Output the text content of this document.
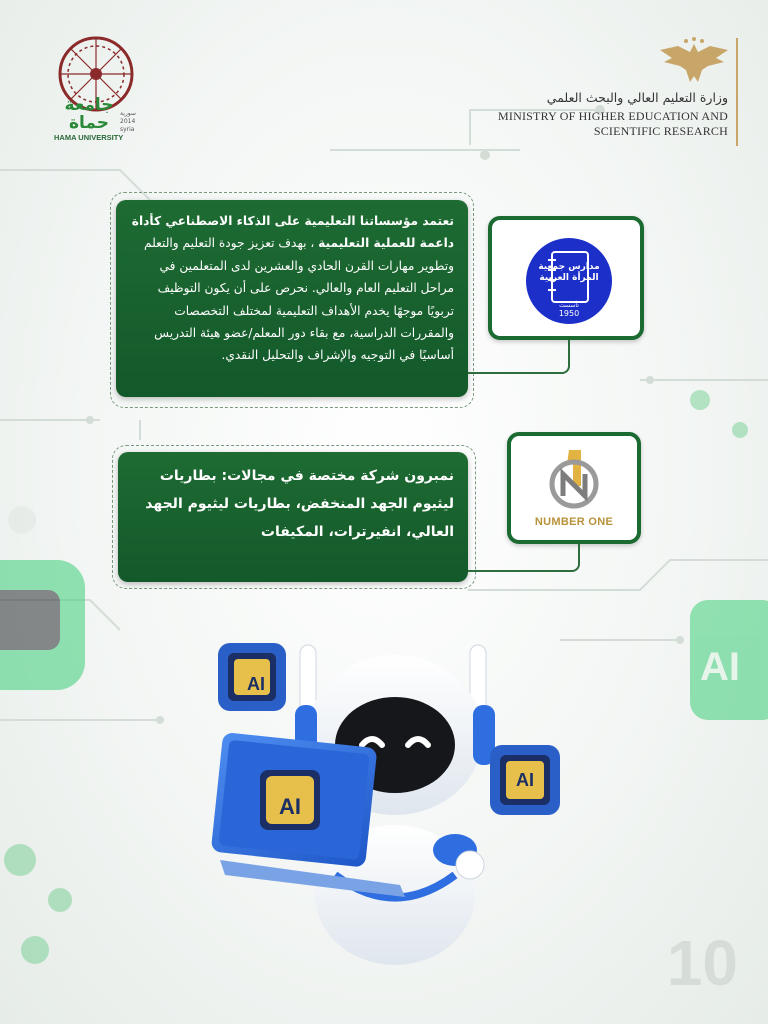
AI
جامعة حماة	سورية
2014
syria
HAMA UNIVERSITY
وزارة التعليم العالي والبحث العلمي
MINISTRY OF HIGHER EDUCATION AND
SCIENTIFIC RESEARCH
تعتمد مؤسساتنا التعليمية على الذكاء الاصطناعي كأداة داعمة للعملية التعليمية ، بهدف تعزيز جودة التعليم والتعلم وتطوير مهارات القرن الحادي والعشرين لدى المتعلمين في مراحل التعليم العام والعالي. نحرص على أن يكون التوظيف تربويًا موجهًا يخدم الأهداف التعليمية لمختلف التخصصات والمقررات الدراسية، مع بقاء دور المعلم/عضو هيئة التدريس أساسيًا في التوجيه والإشراف والتحليل النقدي.
مدارس جمعية المرأة العربية
تأسست
1950
نمبرون شركة مختصة في مجالات: بطاريات ليثيوم الجهد المنخفض، بطاريات ليثيوم الجهد العالي، انفيرترات، المكيفات
NUMBER ONE
AI
AI
AI
10
